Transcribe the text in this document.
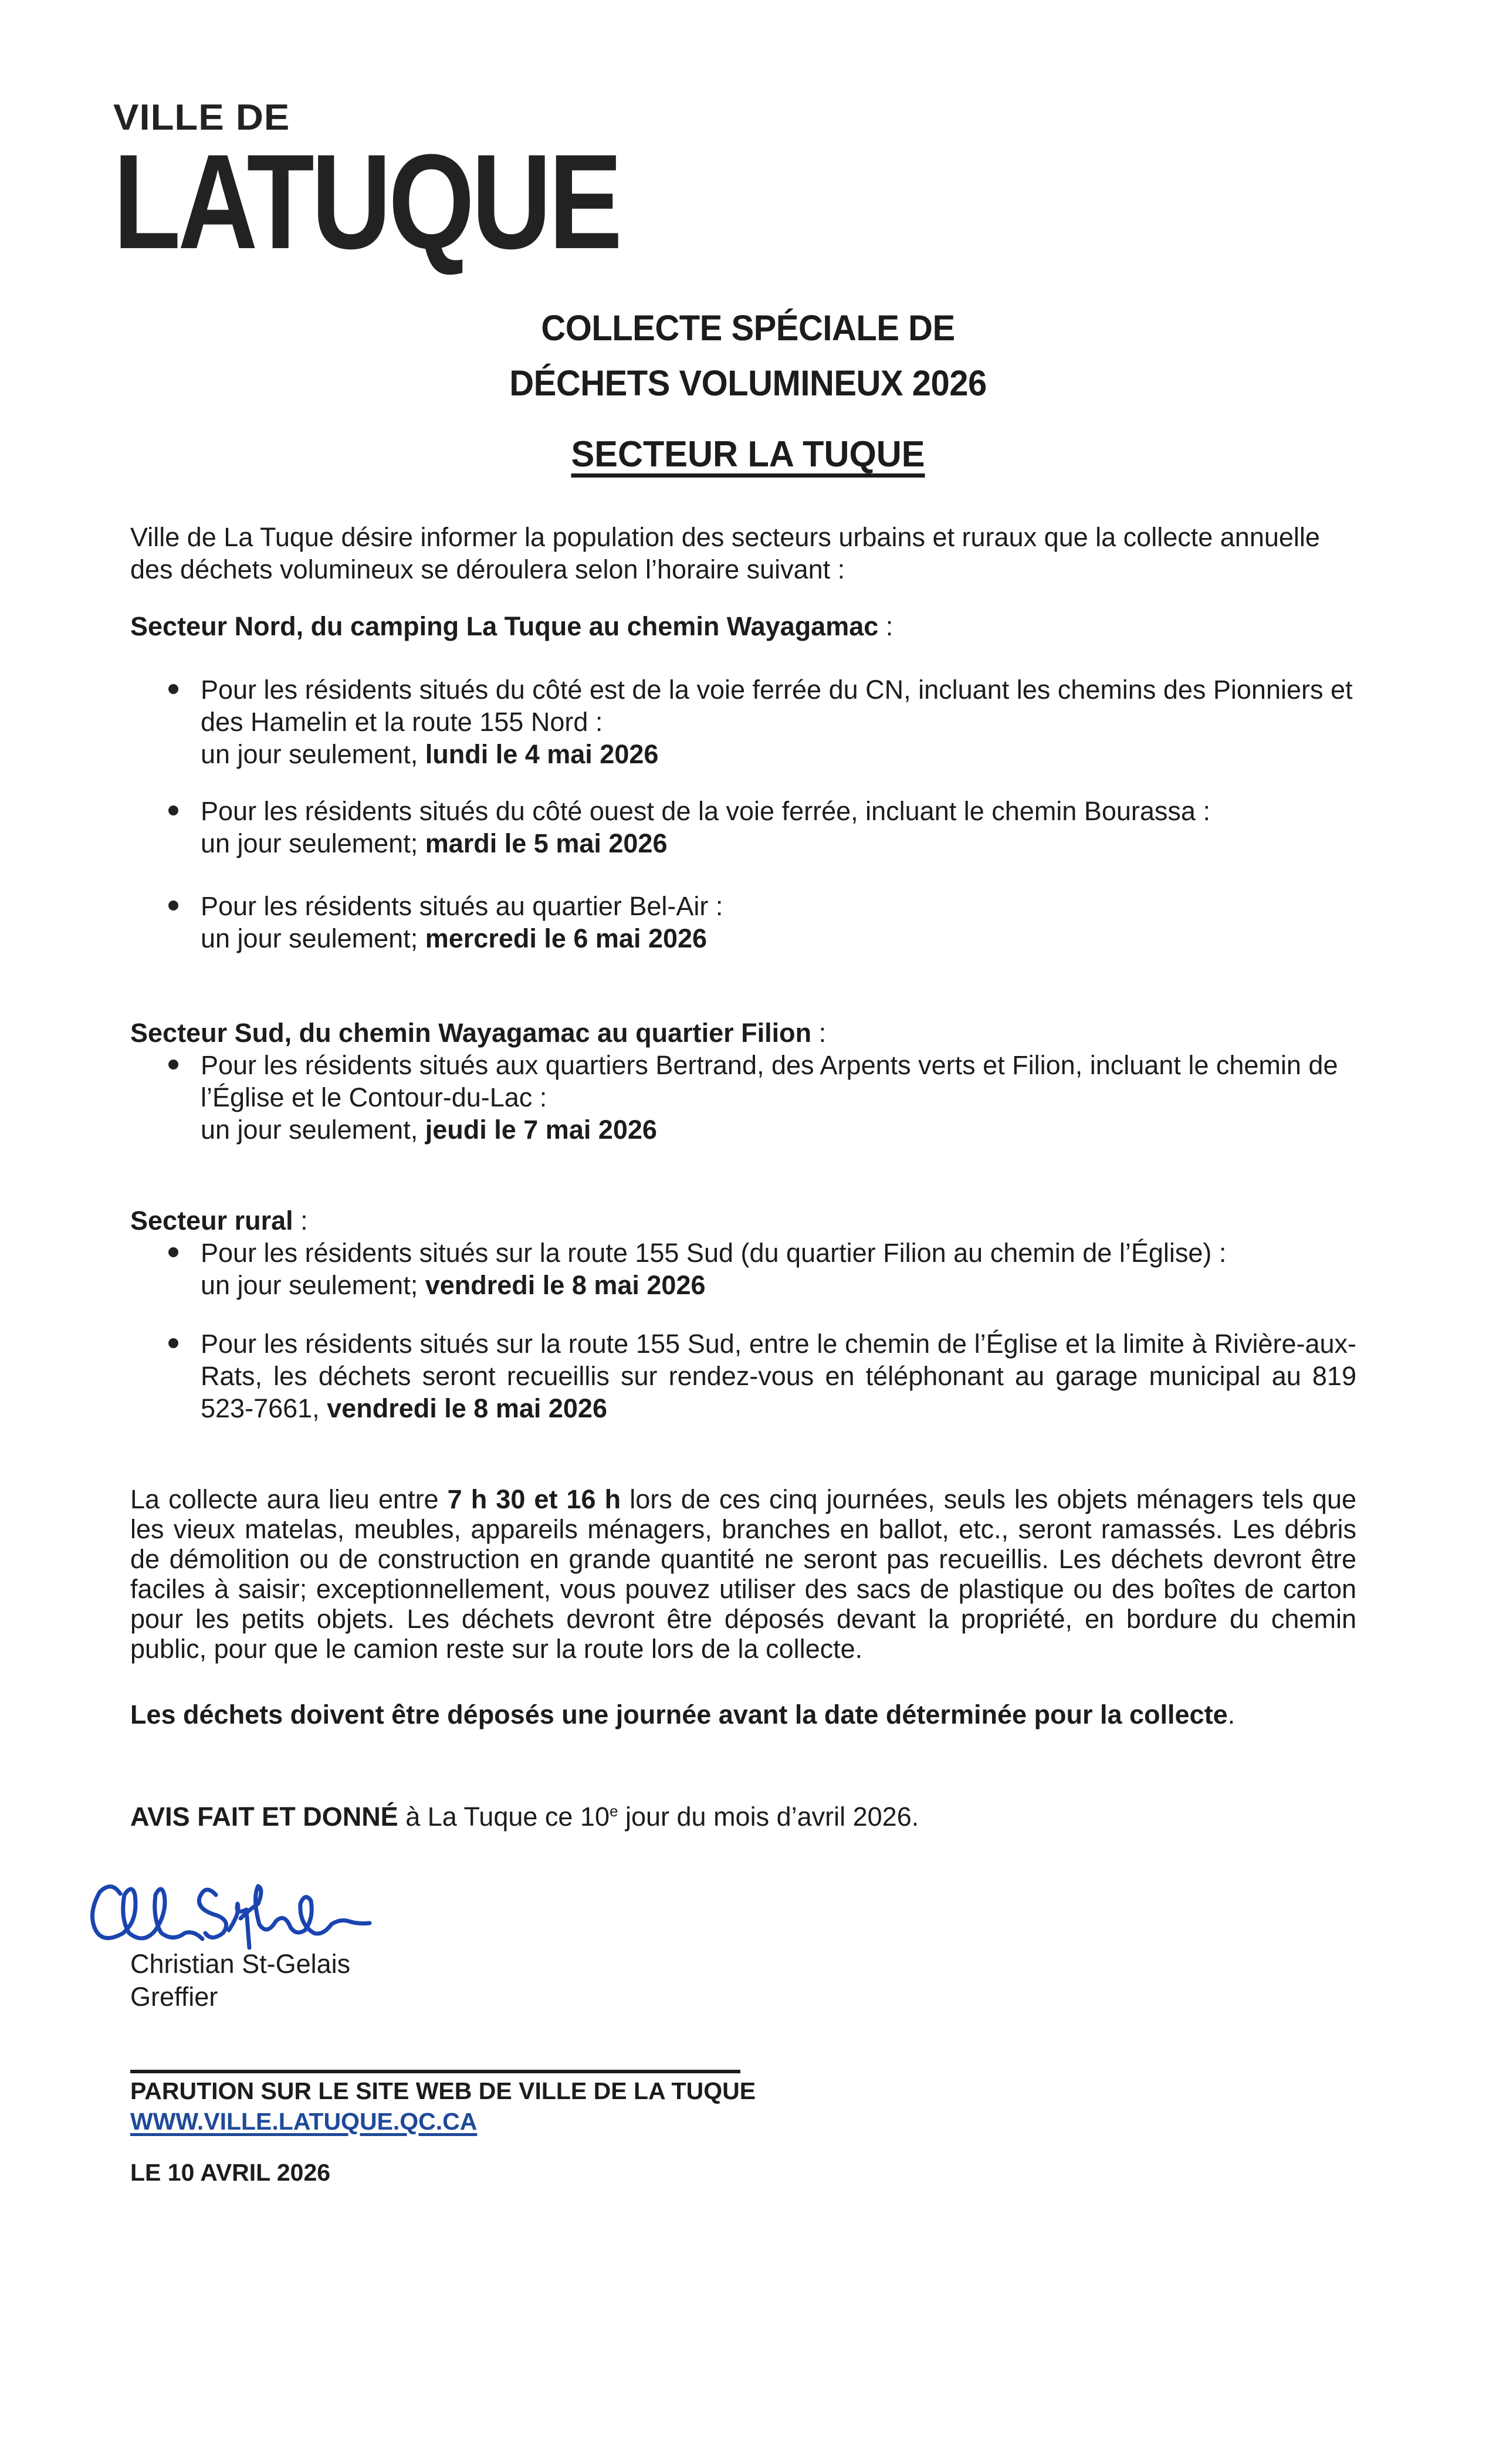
VILLE DE
LATUQUE
COLLECTE SPÉCIALE DE
DÉCHETS VOLUMINEUX 2026
SECTEUR LA TUQUE

Ville de La Tuque désire informer la population des secteurs urbains et ruraux que la collecte annuelle des déchets volumineux se déroulera selon l’horaire suivant :

Secteur Nord, du camping La Tuque au chemin Wayagamac :

Pour les résidents situés du côté est de la voie ferrée du CN, incluant les chemins des Pionniers et des Hamelin et la route 155 Nord :
un jour seulement, lundi le 4 mai 2026
Pour les résidents situés du côté ouest de la voie ferrée, incluant le chemin Bourassa :
un jour seulement; mardi le 5 mai 2026
Pour les résidents situés au quartier Bel-Air :
un jour seulement; mercredi le 6 mai 2026

Secteur Sud, du chemin Wayagamac au quartier Filion :

Pour les résidents situés aux quartiers Bertrand, des Arpents verts et Filion, incluant le chemin de l’Église et le Contour-du-Lac :
un jour seulement, jeudi le 7 mai 2026

Secteur rural :

Pour les résidents situés sur la route 155 Sud (du quartier Filion au chemin de l’Église) :
un jour seulement; vendredi le 8 mai 2026
Pour les résidents situés sur la route 155 Sud, entre le chemin de l’Église et la limite à Rivière-aux-Rats, les déchets seront recueillis sur rendez-vous en téléphonant au garage municipal au 819 523-7661, vendredi le 8 mai 2026

La collecte aura lieu entre 7 h 30 et 16 h lors de ces cinq journées, seuls les objets ménagers tels que les vieux matelas, meubles, appareils ménagers, branches en ballot, etc., seront ramassés. Les débris de démolition ou de construction en grande quantité ne seront pas recueillis. Les déchets devront être faciles à saisir; exceptionnellement, vous pouvez utiliser des sacs de plastique ou des boîtes de carton pour les petits objets. Les déchets devront être déposés devant la propriété, en bordure du chemin public, pour que le camion reste sur la route lors de la collecte.

Les déchets doivent être déposés une journée avant la date déterminée pour la collecte.

AVIS FAIT ET DONNÉ à La Tuque ce 10e jour du mois d’avril 2026.

Christian St-Gelais
Greffier
PARUTION SUR LE SITE WEB DE VILLE DE LA TUQUE
WWW.VILLE.LATUQUE.QC.CA
LE 10 AVRIL 2026
